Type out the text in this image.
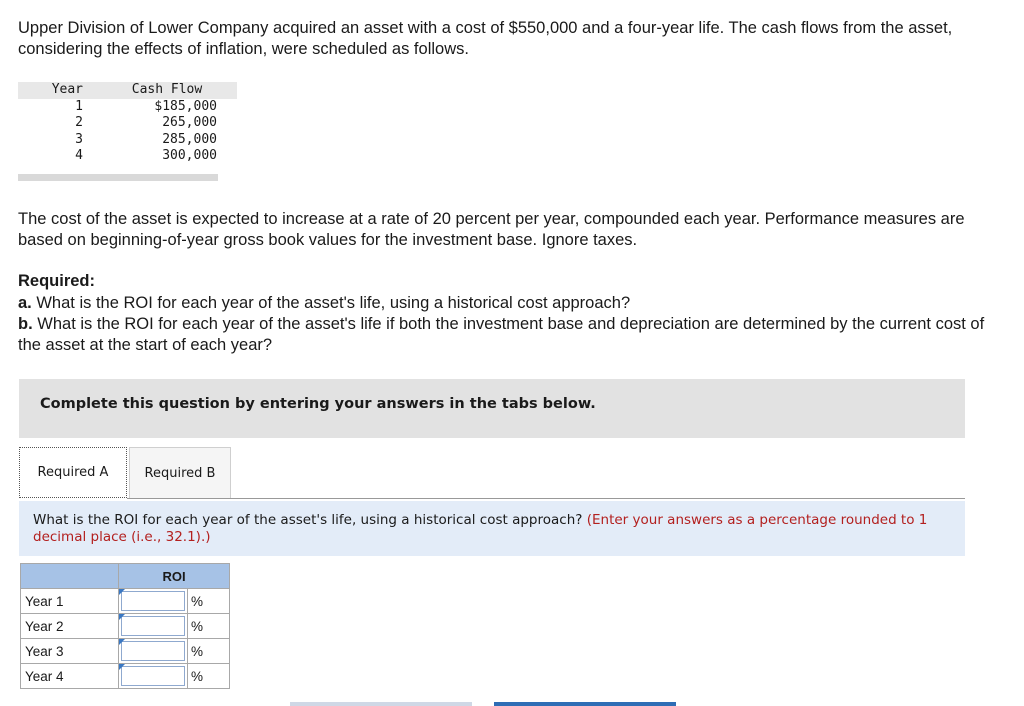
Upper Division of Lower Company acquired an asset with a cost of $550,000 and a four-year life. The cash flows from the asset, considering the effects of inflation, were scheduled as follows.

Year	Cash Flow
1	$185,000
2	265,000
3	285,000
4	300,000

The cost of the asset is expected to increase at a rate of 20 percent per year, compounded each year. Performance measures are based on beginning-of-year gross book values for the investment base. Ignore taxes.

Required:

a. What is the ROI for each year of the asset's life, using a historical cost approach?

b. What is the ROI for each year of the asset's life if both the investment base and depreciation are determined by the current cost of the asset at the start of each year?

Complete this question by entering your answers in the tabs below.
Required A	Required B
What is the ROI for each year of the asset's life, using a historical cost approach? (Enter your answers as a percentage rounded to 1 decimal place (i.e., 32.1).)
	ROI	
Year 1		%
Year 2		%
Year 3		%
Year 4		%
